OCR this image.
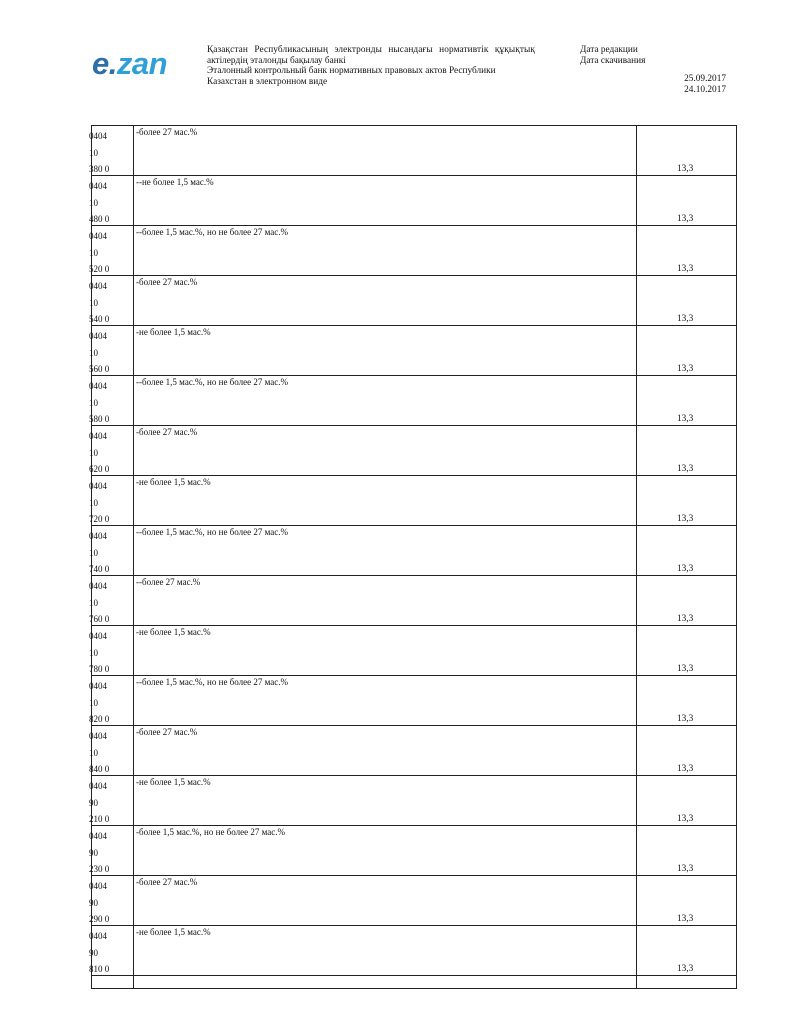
e.zan	Қазақстан Республикасының электронды нысандағы нормативтік құқықтық

актілердің эталонды бақылау банкі

Эталонный контрольный банк нормативных правовых актов Республики

Казахстан в электронном виде

Дата редакции

Дата скачивания

25.09.2017

24.10.2017

0404
10
380 0
-более 27 мас.%
13,3
0404
10
480 0
--не более 1,5 мас.%
13,3
0404
10
520 0
--более 1,5 мас.%, но не более 27 мас.%
13,3
0404
10
540 0
-более 27 мас.%
13,3
0404
10
560 0
-не более 1,5 мас.%
13,3
0404
10
580 0
--более 1,5 мас.%, но не более 27 мас.%
13,3
0404
10
620 0
-более 27 мас.%
13,3
0404
10
720 0
-не более 1,5 мас.%
13,3
0404
10
740 0
--более 1,5 мас.%, но не более 27 мас.%
13,3
0404
10
760 0
--более 27 мас.%
13,3
0404
10
780 0
-не более 1,5 мас.%
13,3
0404
10
820 0
--более 1,5 мас.%, но не более 27 мас.%
13,3
0404
10
840 0
-более 27 мас.%
13,3
0404
90
210 0
-не более 1,5 мас.%
13,3
0404
90
230 0
-более 1,5 мас.%, но не более 27 мас.%
13,3
0404
90
290 0
-более 27 мас.%
13,3
0404
90
810 0
-не более 1,5 мас.%
13,3
